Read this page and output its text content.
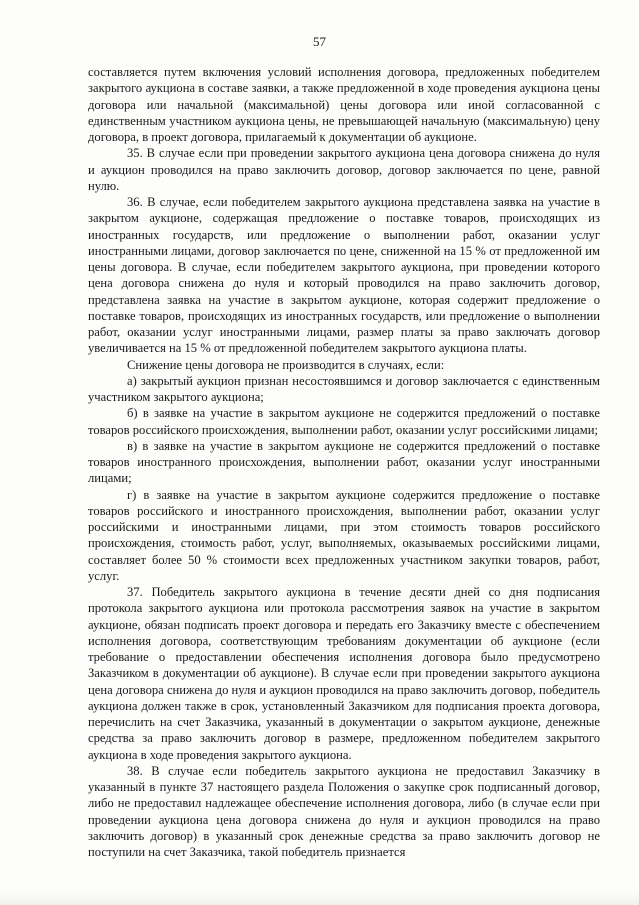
57

составляется путем включения условий исполнения договора, предложенных победителем закрытого аукциона в составе заявки, а также предложенной в ходе проведения аукциона цены договора или начальной (максимальной) цены договора или иной согласованной с единственным участником аукциона цены, не превышающей начальную (максимальную) цену договора, в проект договора, прилагаемый к документации об аукционе.

35. В случае если при проведении закрытого аукциона цена договора снижена до нуля и аукцион проводился на право заключить договор, договор заключается по цене, равной нулю.

36. В случае, если победителем закрытого аукциона представлена заявка на участие в закрытом аукционе, содержащая предложение о поставке товаров, происходящих из иностранных государств, или предложение о выполнении работ, оказании услуг иностранными лицами, договор заключается по цене, сниженной на 15 % от предложенной им цены договора. В случае, если победителем закрытого аукциона, при проведении которого цена договора снижена до нуля и который проводился на право заключить договор, представлена заявка на участие в закрытом аукционе, которая содержит предложение о поставке товаров, происходящих из иностранных государств, или предложение о выполнении работ, оказании услуг иностранными лицами, размер платы за право заключать договор увеличивается на 15 % от предложенной победителем закрытого аукциона платы.

Снижение цены договора не производится в случаях, если:

а) закрытый аукцион признан несостоявшимся и договор заключается с единственным участником закрытого аукциона;

б) в заявке на участие в закрытом аукционе не содержится предложений о поставке товаров российского происхождения, выполнении работ, оказании услуг российскими лицами;

в) в заявке на участие в закрытом аукционе не содержится предложений о поставке товаров иностранного происхождения, выполнении работ, оказании услуг иностранными лицами;

г) в заявке на участие в закрытом аукционе содержится предложение о поставке товаров российского и иностранного происхождения, выполнении работ, оказании услуг российскими и иностранными лицами, при этом стоимость товаров российского происхождения, стоимость работ, услуг, выполняемых, оказываемых российскими лицами, составляет более 50 % стоимости всех предложенных участником закупки товаров, работ, услуг.

37. Победитель закрытого аукциона в течение десяти дней со дня подписания протокола закрытого аукциона или протокола рассмотрения заявок на участие в закрытом аукционе, обязан подписать проект договора и передать его Заказчику вместе с обеспечением исполнения договора, соответствующим требованиям документации об аукционе (если требование о предоставлении обеспечения исполнения договора было предусмотрено Заказчиком в документации об аукционе). В случае если при проведении закрытого аукциона цена договора снижена до нуля и аукцион проводился на право заключить договор, победитель аукциона должен также в срок, установленный Заказчиком для подписания проекта договора, перечислить на счет Заказчика, указанный в документации о закрытом аукционе, денежные средства за право заключить договор в размере, предложенном победителем закрытого аукциона в ходе проведения закрытого аукциона.

38. В случае если победитель закрытого аукциона не предоставил Заказчику в указанный в пункте 37 настоящего раздела Положения о закупке срок подписанный договор, либо не предоставил надлежащее обеспечение исполнения договора, либо (в случае если при проведении аукциона цена договора снижена до нуля и аукцион проводился на право заключить договор) в указанный срок денежные средства за право заключить договор не поступили на счет Заказчика, такой победитель признается
